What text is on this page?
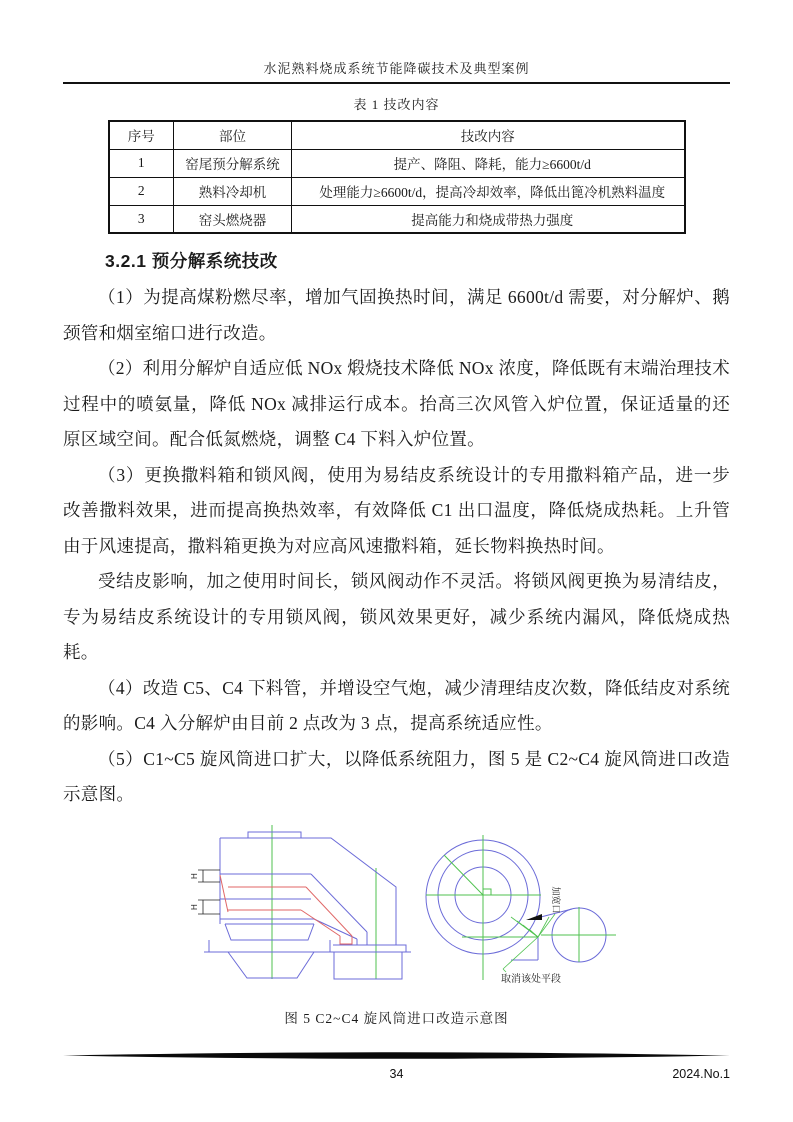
水泥熟料烧成系统节能降碳技术及典型案例
表 1 技改内容
序号	部位	技改内容
1	窑尾预分解系统	提产、降阻、降耗，能力≥6600t/d
2	熟料冷却机	处理能力≥6600t/d，提高冷却效率，降低出篦冷机熟料温度
3	窑头燃烧器	提高能力和烧成带热力强度
3.2.1 预分解系统技改

（1）为提高煤粉燃尽率，增加气固换热时间，满足 6600t/d 需要，对分解炉、鹅颈管和烟室缩口进行改造。

（2）利用分解炉自适应低 NOx 煅烧技术降低 NOx 浓度，降低既有末端治理技术过程中的喷氨量，降低 NOx 减排运行成本。抬高三次风管入炉位置，保证适量的还原区域空间。配合低氮燃烧，调整 C4 下料入炉位置。

（3）更换撒料箱和锁风阀，使用为易结皮系统设计的专用撒料箱产品，进一步改善撒料效果，进而提高换热效率，有效降低 C1 出口温度，降低烧成热耗。上升管由于风速提高，撒料箱更换为对应高风速撒料箱，延长物料换热时间。

受结皮影响，加之使用时间长，锁风阀动作不灵活。将锁风阀更换为易清结皮，专为易结皮系统设计的专用锁风阀，锁风效果更好，减少系统内漏风，降低烧成热耗。

（4）改造 C5、C4 下料管，并增设空气炮，减少清理结皮次数，降低结皮对系统的影响。C4 入分解炉由目前 2 点改为 3 点，提高系统适应性。

（5）C1~C5 旋风筒进口扩大，以降低系统阻力，图 5 是 C2~C4 旋风筒进口改造示意图。

H
H	加宽口
取消该处平段
图 5 C2~C4 旋风筒进口改造示意图
34	2024.No.1
